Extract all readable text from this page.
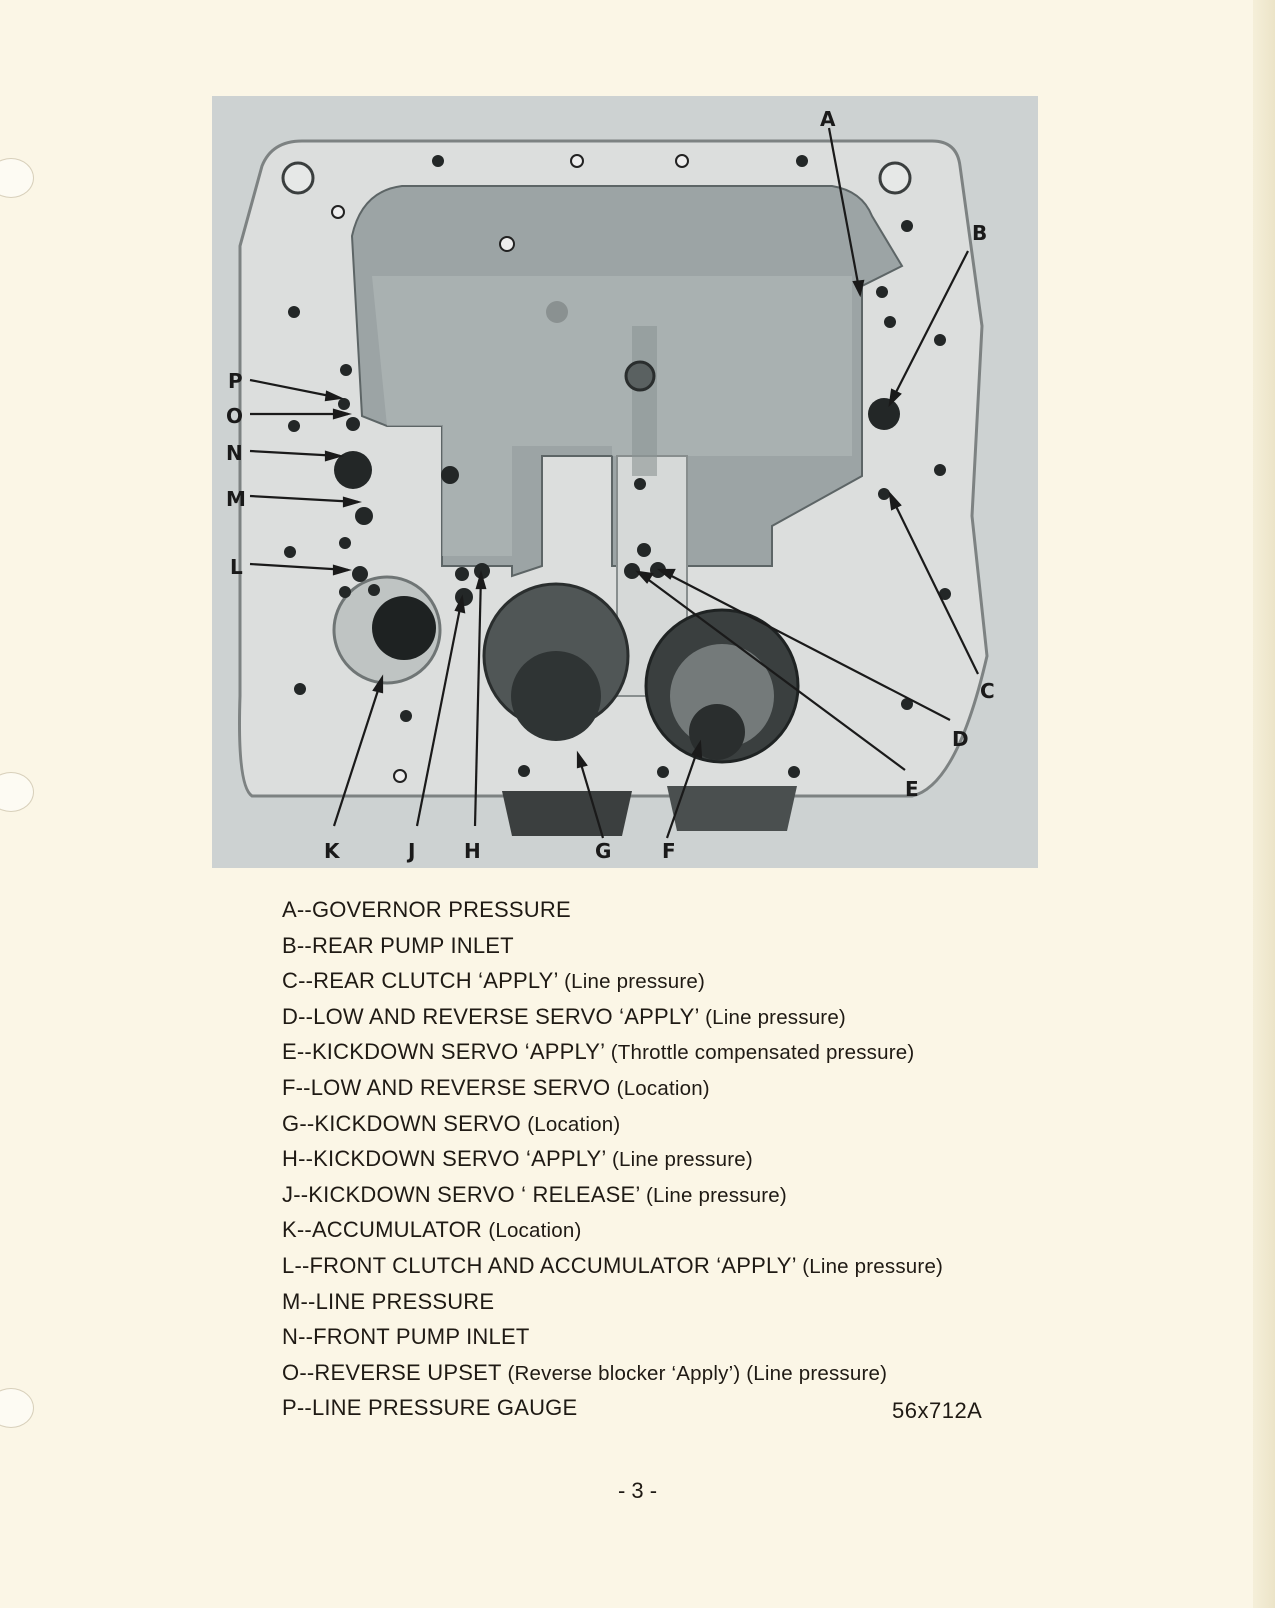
A
B
C
D
E
F
G
H
J
K
L
M
N
O
P
A--GOVERNOR PRESSURE
B--REAR PUMP INLET
C--REAR CLUTCH ‘APPLY’ (Line pressure)
D--LOW AND REVERSE SERVO ‘APPLY’ (Line pressure)
E--KICKDOWN SERVO ‘APPLY’ (Throttle compensated pressure)
F--LOW AND REVERSE SERVO (Location)
G--KICKDOWN SERVO (Location)
H--KICKDOWN SERVO ‘APPLY’ (Line pressure)
J--KICKDOWN SERVO ‘ RELEASE’ (Line pressure)
K--ACCUMULATOR (Location)
L--FRONT CLUTCH AND ACCUMULATOR ‘APPLY’ (Line pressure)
M--LINE PRESSURE
N--FRONT PUMP INLET
O--REVERSE UPSET (Reverse blocker ‘Apply’) (Line pressure)
P--LINE PRESSURE GAUGE	56x712A
- 3 -
